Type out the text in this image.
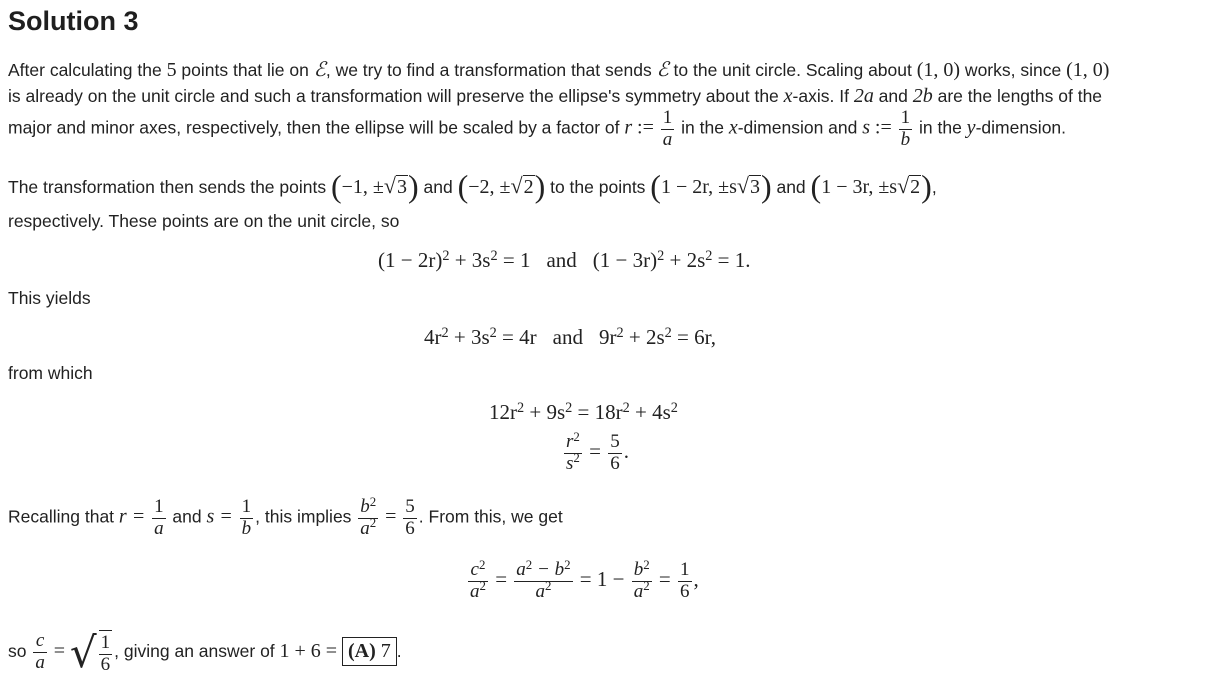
Solution 3
After calculating the 5 points that lie on ℰ, we try to find a transformation that sends ℰ to the unit circle. Scaling about (1, 0) works, since (1, 0)
is already on the unit circle and such a transformation will preserve the ellipse's symmetry about the x-axis. If 2a and 2b are the lengths of the
major and minor axes, respectively, then the ellipse will be scaled by a factor of r := $\frac{1}{a}$ in the x-dimension and s := $\frac{1}{b}$ in the y-dimension.
The transformation then sends the points (−1, ±√3) and (−2, ±√2) to the points (1 − 2r, ±s√3) and (1 − 3r, ±s√2),
respectively. These points are on the unit circle, so
$(1 - 2r)^2 + 3s^2 = 1$ and $(1 - 3r)^2 + 2s^2 = 1$.
This yields
$4r^2 + 3s^2 = 4r$ and $9r^2 + 2s^2 = 6r$,
from which
$12r^2 + 9s^2 = 18r^2 + 4s^2$
$\frac{r^2}{s^2} = \frac{5}{6}$ .
Recalling that $r = \frac{1}{a}$ and $s = \frac{1}{b}$ , this implies $\frac{b^2}{a^2} = \frac{5}{6}$ . From this, we get
$\frac{c^2}{a^2} = \frac{a^2 - b^2}{a^2} = 1 - \frac{b^2}{a^2} = \frac{1}{6}$ ,
so $\frac{c}{a}$ = √ $\frac{1}{6}$ , giving an answer of 1 + 6 = (A) 7 .
